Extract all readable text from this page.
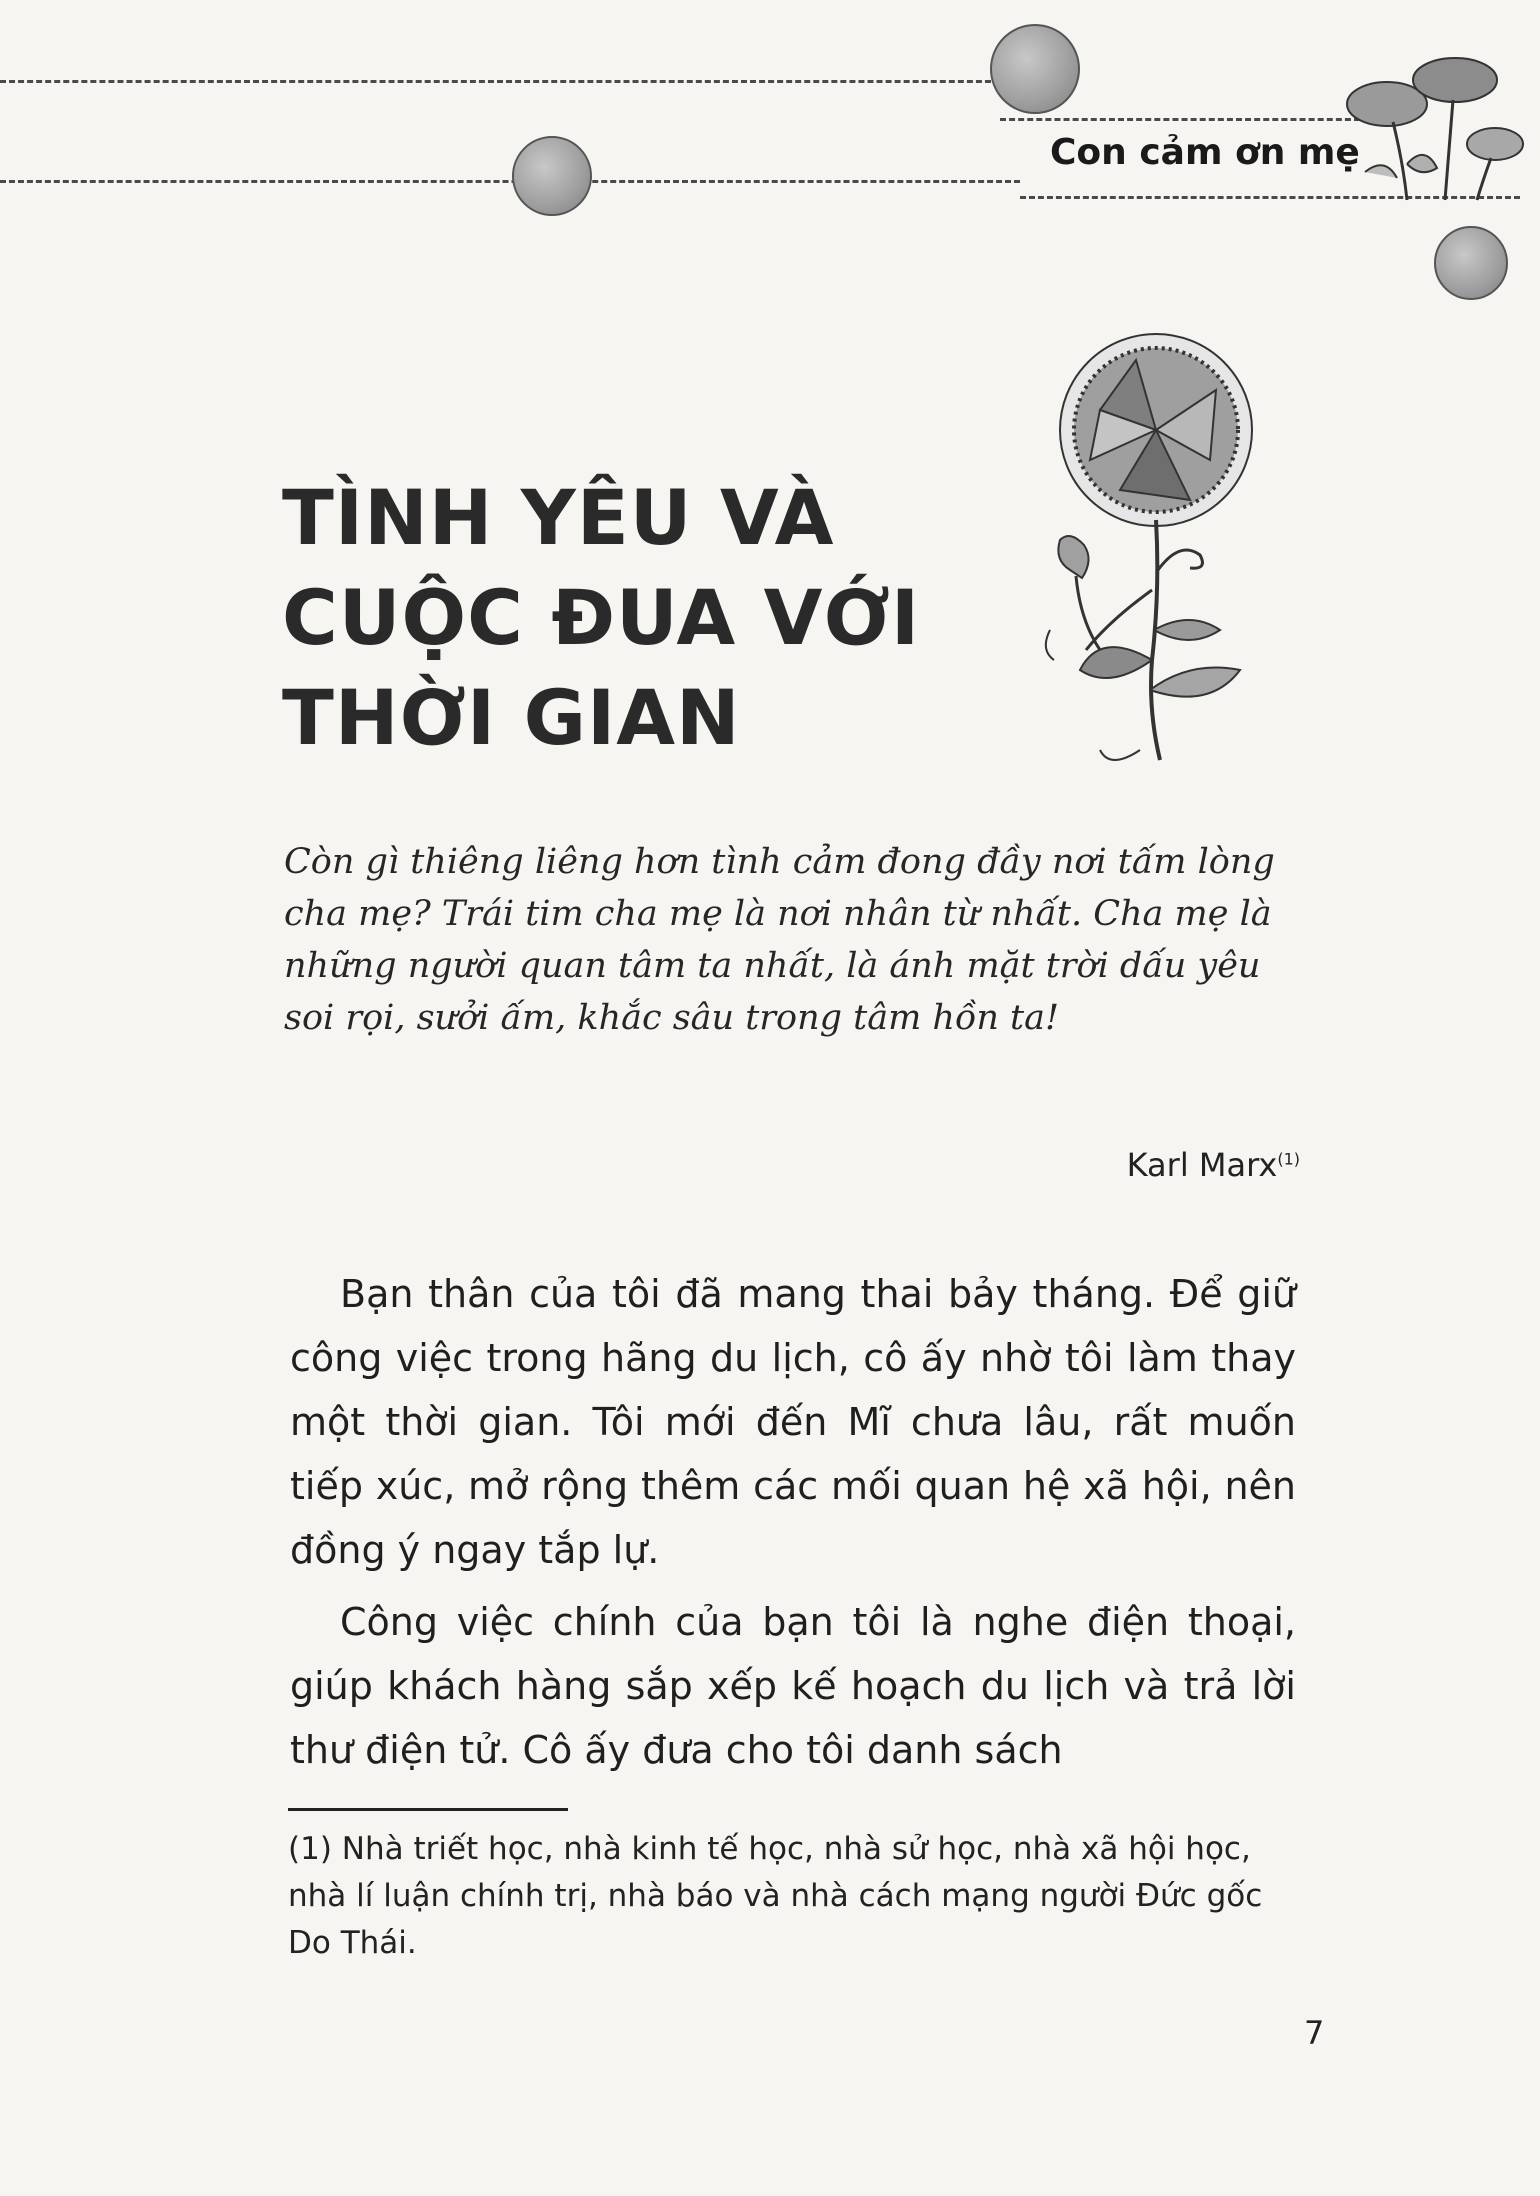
Con cảm ơn mẹ
TÌNH YÊU VÀ
CUỘC ĐUA VỚI
THỜI GIAN
Còn gì thiêng liêng hơn tình cảm đong đầy nơi tấm lòng
cha mẹ? Trái tim cha mẹ là nơi nhân từ nhất. Cha mẹ là
những người quan tâm ta nhất, là ánh mặt trời dấu yêu
soi rọi, sưởi ấm, khắc sâu trong tâm hồn ta!

Karl Marx$^{(1)}$

Bạn thân của tôi đã mang thai bảy tháng. Để giữ công việc trong hãng du lịch, cô ấy nhờ tôi làm thay một thời gian. Tôi mới đến Mĩ chưa lâu, rất muốn tiếp xúc, mở rộng thêm các mối quan hệ xã hội, nên đồng ý ngay tắp lự.

Công việc chính của bạn tôi là nghe điện thoại, giúp khách hàng sắp xếp kế hoạch du lịch và trả lời thư điện tử. Cô ấy đưa cho tôi danh sách

(1) Nhà triết học, nhà kinh tế học, nhà sử học, nhà xã hội học, nhà lí luận chính trị, nhà báo và nhà cách mạng người Đức gốc Do Thái.

7
